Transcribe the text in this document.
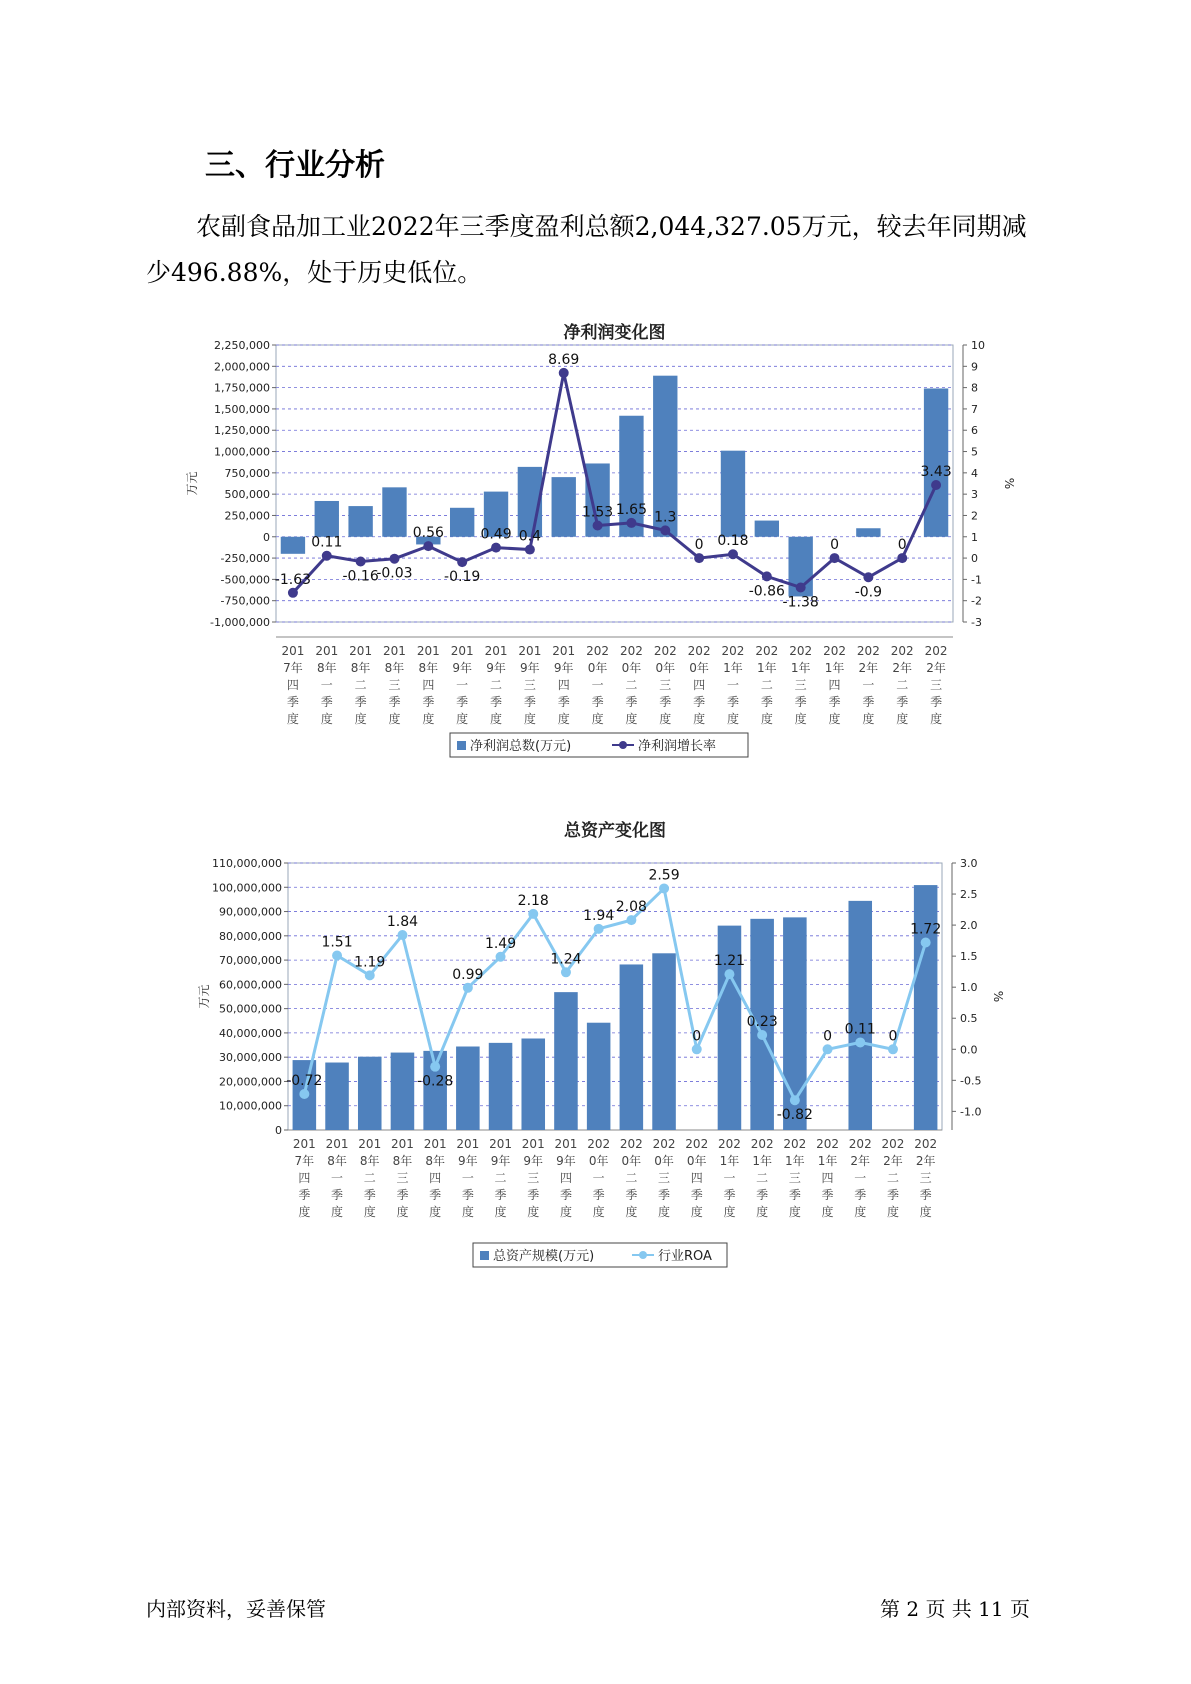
三、行业分析
农副食品加工业2022年三季度盈利总额2,044,327.05万元，较去年同期减少496.88%，处于历史低位。
净利润变化图
-1,000,000
-750,000
-500,000
-250,000
0
250,000
500,000
750,000
1,000,000
1,250,000
1,500,000
1,750,000
2,000,000
2,250,000
-3
-2
-1
0
1
2
3
4
5
6
7
8
9
10
万元	%
-1.63
0.11
-0.16
-0.03
0.56
-0.19
0.49 0.4
8.69
1.53 1.65 1.3
0 0.18
-0.86
-1.38
0
-0.9
0
3.43
201 7年四季度
201 8年一季度
201 8年二季度
201 8年三季度
201 8年四季度
201 9年一季度
201 9年二季度
201 9年三季度
201 9年四季度
202 0年一季度
202 0年二季度
202 0年三季度
202 0年四季度
202 1年一季度
202 1年二季度
202 1年三季度
202 1年四季度
202 2年一季度
202 2年二季度
202 2年三季度
净利润总数(万元)	净利润增长率
总资产变化图
0
10,000,000
20,000,000
30,000,000
40,000,000
50,000,000
60,000,000
70,000,000
80,000,000
90,000,000
100,000,000
110,000,000
-1.0
-0.5
0.0
0.5
1.0
1.5
2.0
2.5
3.0
万元	%
-0.72
1.51
1.19
1.84
-0.28
0.99
1.49
2.18
1.24
1.94
2.08
2.59
0
1.21
0.23
-0.82
0 0.11 0
1.72
201 7年四季度
201 8年一季度
201 8年二季度
201 8年三季度
201 8年四季度
201 9年一季度
201 9年二季度
201 9年三季度
201 9年四季度
202 0年一季度
202 0年二季度
202 0年三季度
202 0年四季度
202 1年一季度
202 1年二季度
202 1年三季度
202 1年四季度
202 2年一季度
202 2年二季度
202 2年三季度
总资产规模(万元)	行业ROA
内部资料，妥善保管	第 2 页 共 11 页
